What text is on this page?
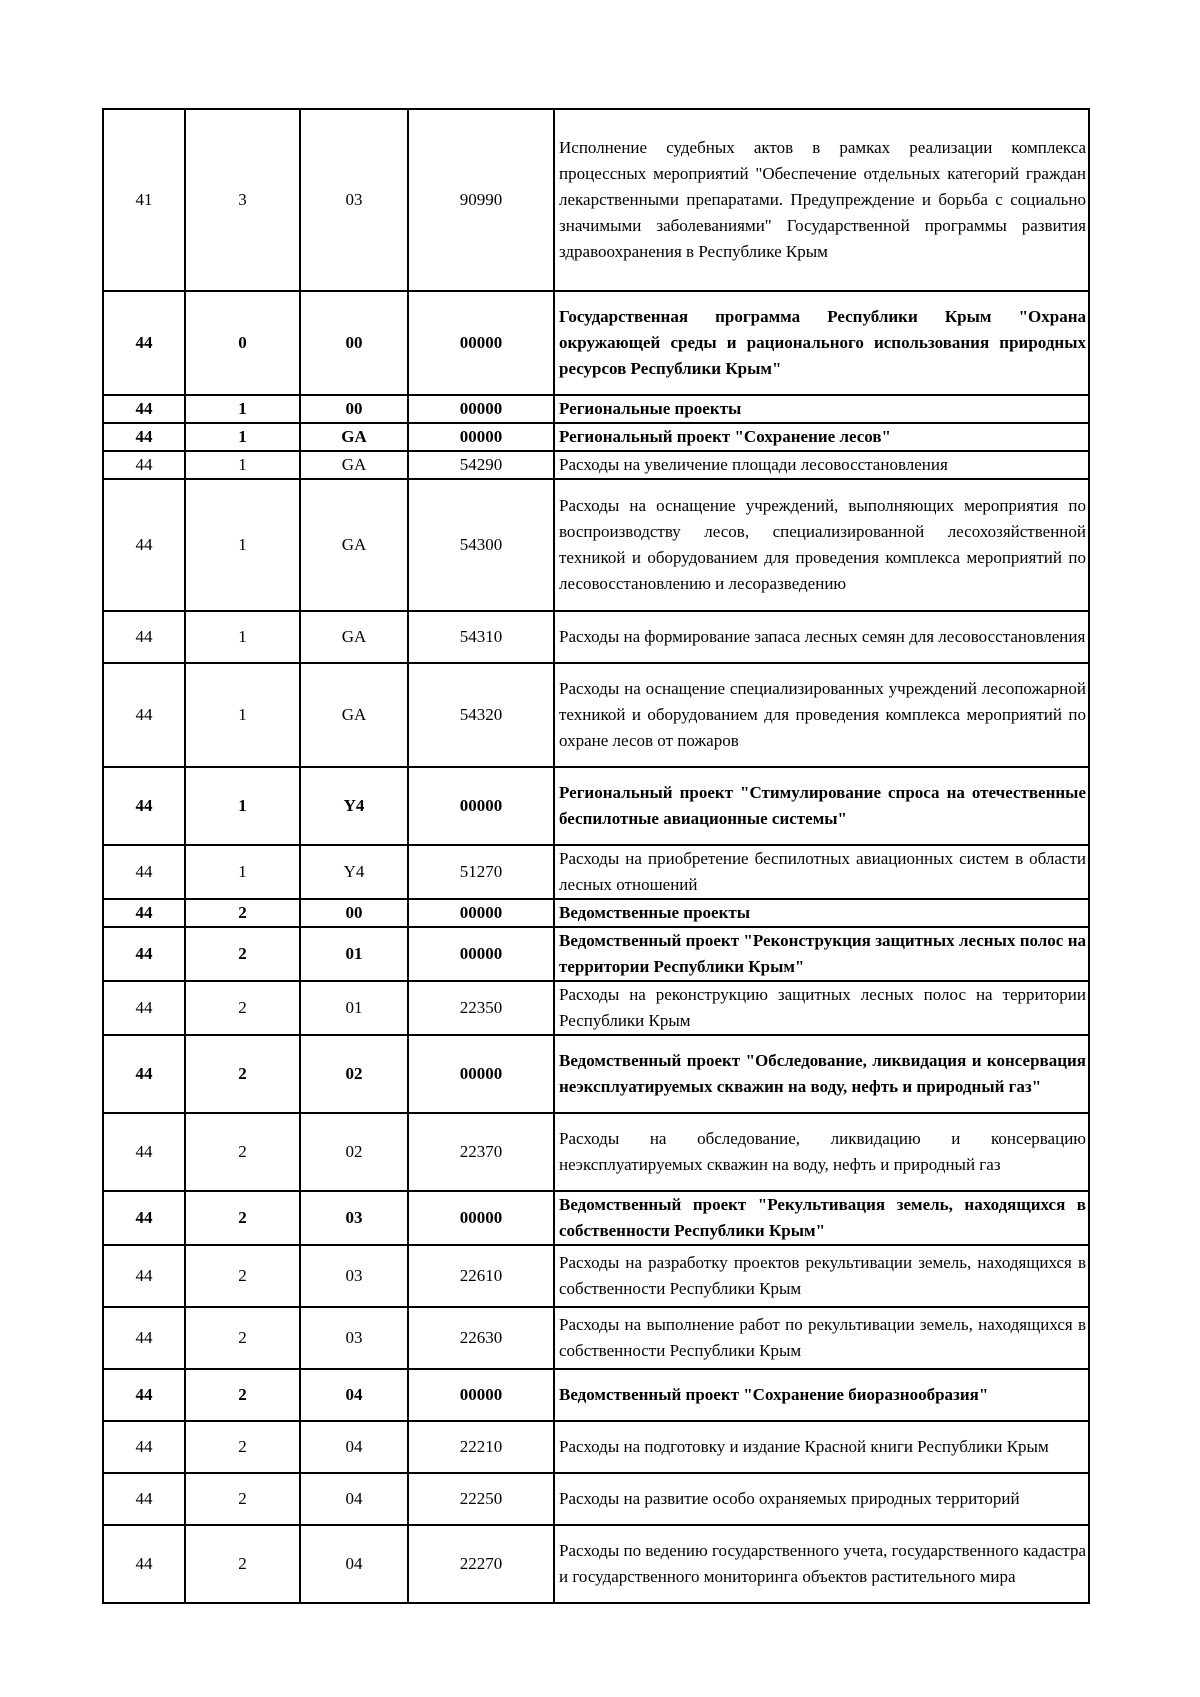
41	3	03	90990	Исполнение судебных актов в рамках реализации комплекса процессных мероприятий "Обеспечение отдельных категорий граждан лекарственными препаратами. Предупреждение и борьба с социально значимыми заболеваниями" Государственной программы развития здравоохранения в Республике Крым
44	0	00	00000	Государственная программа Республики Крым "Охрана окружающей среды и рационального использования природных ресурсов Республики Крым"
44	1	00	00000	Региональные проекты
44	1	GA	00000	Региональный проект "Сохранение лесов"
44	1	GA	54290	Расходы на увеличение площади лесовосстановления
44	1	GA	54300	Расходы на оснащение учреждений, выполняющих мероприятия по воспроизводству лесов, специализированной лесохозяйственной техникой и оборудованием для проведения комплекса мероприятий по лесовосстановлению и лесоразведению
44	1	GA	54310	Расходы на формирование запаса лесных семян для лесовосстановления
44	1	GA	54320	Расходы на оснащение специализированных учреждений лесопожарной техникой и оборудованием для проведения комплекса мероприятий по охране лесов от пожаров
44	1	Y4	00000	Региональный проект "Стимулирование спроса на отечественные беспилотные авиационные системы"
44	1	Y4	51270	Расходы на приобретение беспилотных авиационных систем в области лесных отношений
44	2	00	00000	Ведомственные проекты
44	2	01	00000	Ведомственный проект "Реконструкция защитных лесных полос на территории Республики Крым"
44	2	01	22350	Расходы на реконструкцию защитных лесных полос на территории Республики Крым
44	2	02	00000	Ведомственный проект "Обследование, ликвидация и консервация неэксплуатируемых скважин на воду, нефть и природный газ"
44	2	02	22370	Расходы на обследование, ликвидацию и консервацию неэксплуатируемых скважин на воду, нефть и природный газ
44	2	03	00000	Ведомственный проект "Рекультивация земель, находящихся в собственности Республики Крым"
44	2	03	22610	Расходы на разработку проектов рекультивации земель, находящихся в собственности Республики Крым
44	2	03	22630	Расходы на выполнение работ по рекультивации земель, находящихся в собственности Республики Крым
44	2	04	00000	Ведомственный проект "Сохранение биоразнообразия"
44	2	04	22210	Расходы на подготовку и издание Красной книги Республики Крым
44	2	04	22250	Расходы на развитие особо охраняемых природных территорий
44	2	04	22270	Расходы по ведению государственного учета, государственного кадастра и государственного мониторинга объектов растительного мира
